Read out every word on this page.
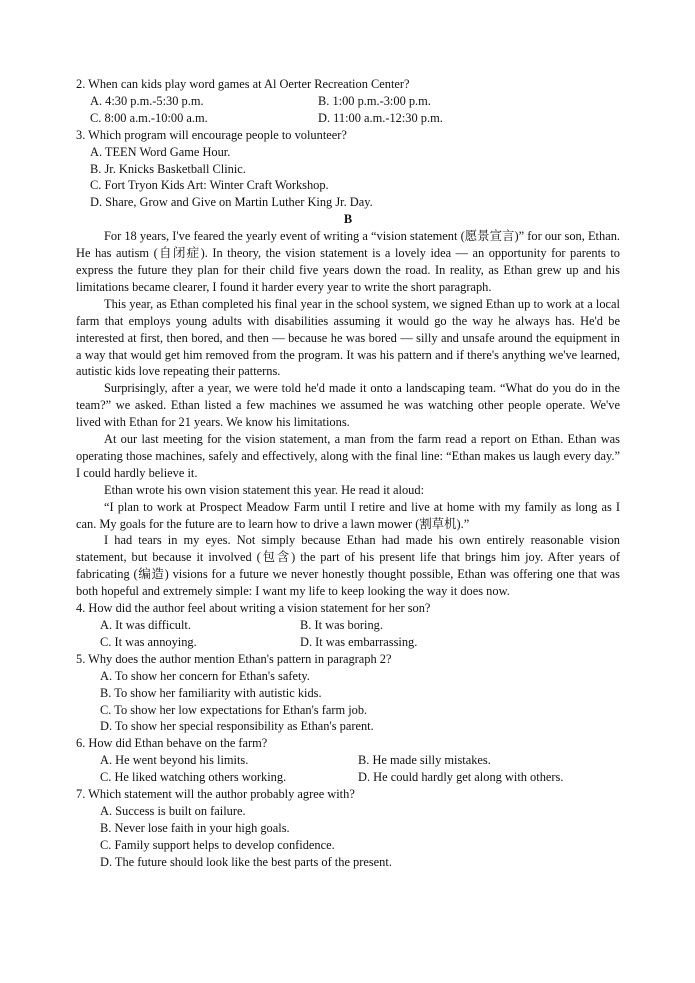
2. When can kids play word games at Al Oerter Recreation Center?
A. 4:30 p.m.-5:30 p.m.	B. 1:00 p.m.-3:00 p.m.
C. 8:00 a.m.-10:00 a.m.	D. 11:00 a.m.-12:30 p.m.
3. Which program will encourage people to volunteer?
A. TEEN Word Game Hour.
B. Jr. Knicks Basketball Clinic.
C. Fort Tryon Kids Art: Winter Craft Workshop.
D. Share, Grow and Give on Martin Luther King Jr. Day.
B

For 18 years, I've feared the yearly event of writing a “vision statement (愿景宣言)” for our son, Ethan. He has autism (自闭症). In theory, the vision statement is a lovely idea — an opportunity for parents to express the future they plan for their child five years down the road. In reality, as Ethan grew up and his limitations became clearer, I found it harder every year to write the short paragraph.

This year, as Ethan completed his final year in the school system, we signed Ethan up to work at a local farm that employs young adults with disabilities assuming it would go the way he always has. He'd be interested at first, then bored, and then — because he was bored — silly and unsafe around the equipment in a way that would get him removed from the program. It was his pattern and if there's anything we've learned, autistic kids love repeating their patterns.

Surprisingly, after a year, we were told he'd made it onto a landscaping team. “What do you do in the team?” we asked. Ethan listed a few machines we assumed he was watching other people operate. We've lived with Ethan for 21 years. We know his limitations.

At our last meeting for the vision statement, a man from the farm read a report on Ethan. Ethan was operating those machines, safely and effectively, along with the final line: “Ethan makes us laugh every day.” I could hardly believe it.

Ethan wrote his own vision statement this year. He read it aloud:

“I plan to work at Prospect Meadow Farm until I retire and live at home with my family as long as I can. My goals for the future are to learn how to drive a lawn mower (割草机).”

I had tears in my eyes. Not simply because Ethan had made his own entirely reasonable vision statement, but because it involved (包含) the part of his present life that brings him joy. After years of fabricating (编造) visions for a future we never honestly thought possible, Ethan was offering one that was both hopeful and extremely simple: I want my life to keep looking the way it does now.

4. How did the author feel about writing a vision statement for her son?
A. It was difficult.	B. It was boring.
C. It was annoying.	D. It was embarrassing.
5. Why does the author mention Ethan's pattern in paragraph 2?
A. To show her concern for Ethan's safety.
B. To show her familiarity with autistic kids.
C. To show her low expectations for Ethan's farm job.
D. To show her special responsibility as Ethan's parent.
6. How did Ethan behave on the farm?
A. He went beyond his limits.	B. He made silly mistakes.
C. He liked watching others working.	D. He could hardly get along with others.
7. Which statement will the author probably agree with?
A. Success is built on failure.
B. Never lose faith in your high goals.
C. Family support helps to develop confidence.
D. The future should look like the best parts of the present.
